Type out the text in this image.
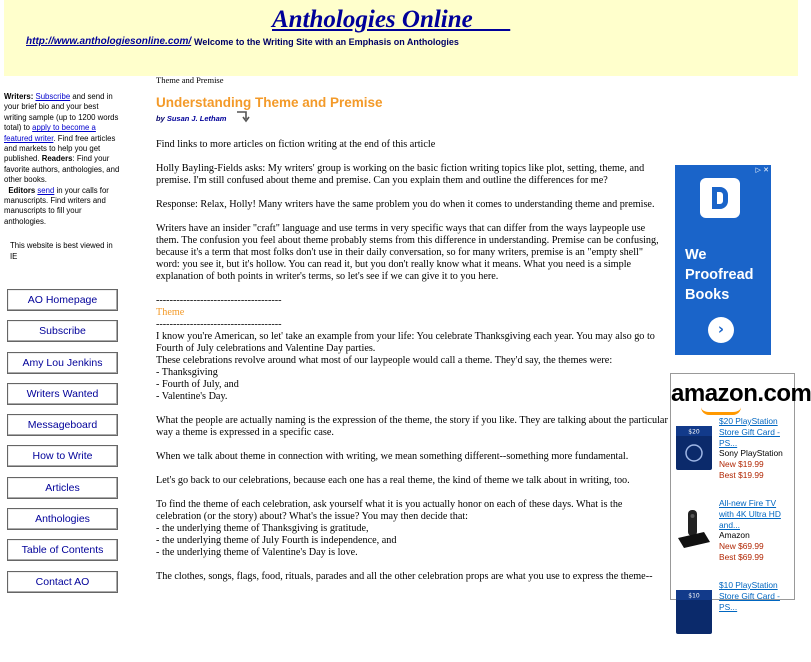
Anthologies Online
http://www.anthologiesonline.com/ Welcome to the Writing Site with an Emphasis on Anthologies

Writers: Subscribe and send in your brief bio and your best writing sample (up to 1200 words total) to apply to become a featured writer. Find free articles and markets to help you get published. Readers: Find your favorite authors, anthologies, and other books.
Editors send in your calls for manuscripts. Find writers and manuscripts to fill your anthologies.

This website is best viewed in IE

AO Homepage
Subscribe
Amy Lou Jenkins
Writers Wanted
Messageboard
How to Write
Articles
Anthologies
Table of Contents
Contact AO

Theme and Premise

Understanding Theme and Premise
by Susan J. Letham

Find links to more articles on fiction writing at the end of this article

Holly Bayling-Fields asks: My writers' group is working on the basic fiction writing topics like plot, setting, theme, and premise. I'm still confused about theme and premise. Can you explain them and outline the differences for me?

Response: Relax, Holly! Many writers have the same problem you do when it comes to understanding theme and premise.

Writers have an insider "craft" language and use terms in very specific ways that can differ from the ways laypeople use them. The confusion you feel about theme probably stems from this difference in understanding. Premise can be confusing, because it's a term that most folks don't use in their daily conversation, so for many writers, premise is an "empty shell" word: you see it, but it's hollow. You can read it, but you don't really know what it means. What you need is a simple explanation of both points in writer's terms, so let's see if we can give it to you here.

-------------------------------------

Theme

-------------------------------------

I know you're American, so let' take an example from your life: You celebrate Thanksgiving each year. You may also go to Fourth of July celebrations and Valentine Day parties.

These celebrations revolve around what most of our laypeople would call a theme. They'd say, the themes were:

- Thanksgiving

- Fourth of July, and

- Valentine's Day.

What the people are actually naming is the expression of the theme, the story if you like. They are talking about the particular way a theme is expressed in a specific case.

When we talk about theme in connection with writing, we mean something different--something more fundamental.

Let's go back to our celebrations, because each one has a real theme, the kind of theme we talk about in writing, too.

To find the theme of each celebration, ask yourself what it is you actually honor on each of these days. What is the celebration (or the story) about? What's the issue? You may then decide that:

- the underlying theme of Thanksgiving is gratitude,

- the underlying theme of July Fourth is independence, and

- the underlying theme of Valentine's Day is love.

The clothes, songs, flags, food, rituals, parades and all the other celebration props are what you use to express the theme--

▷ ✕
We
Proofread
Books
›
amazon.com
$20
$20 PlayStation Store Gift Card - PS...
Sony PlayStation
New $19.99
Best $19.99
All-new Fire TV with 4K Ultra HD and...
Amazon
New $69.99
Best $69.99
$10
$10 PlayStation Store Gift Card - PS...
